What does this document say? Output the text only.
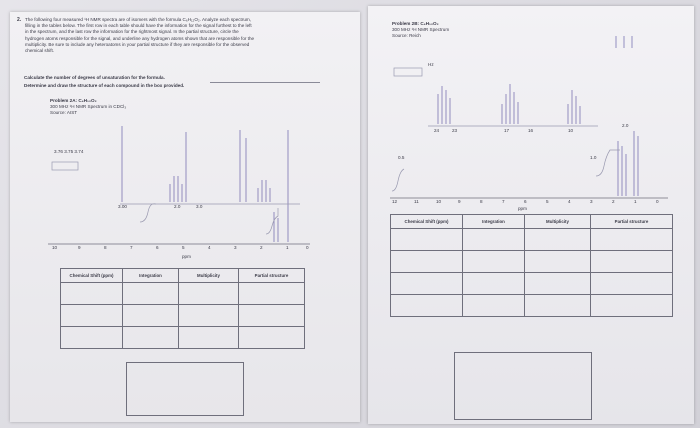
2. The following four measured ¹H NMR spectra are of isomers with the formula C₆H₁₂O₂. Analyze each spectrum,
filling in the tables below. The first row in each table should have the information for the signal furthest to the left
in the spectrum, and the last row the information for the rightmost signal. In the partial structure, circle the
hydrogen atoms responsible for the signal, and underline any hydrogen atoms shown that are responsible for the
multiplicity. Be sure to include any heteroatoms in your partial structure if they are responsible for the observed
chemical shift.
Calculate the number of degrees of unsaturation for the formula.
Determine and draw the structure of each compound in the box provided.
Problem 2A: C₆H₁₂O₂
300 MHz ¹H NMR Spectrum in CDCl₃
Source: AIST
3.76 3.75 3.74
3.00	2.0	3.0
10	9	8	7	6	5	4	3	2	1	0
ppm
Chemical Shift (ppm)	Integration	Multiplicity	Partial structure

Problem 2B: C₆H₁₂O₂
300 MHz ¹H NMR Spectrum
Source: Reich
Hz
24	23	17	16	10
0.5	1.0
2.0
12	11	10	9	8	7	6	5	4	3	2	1	0
ppm
Chemical Shift (ppm)	Integration	Multiplicity	Partial structure
